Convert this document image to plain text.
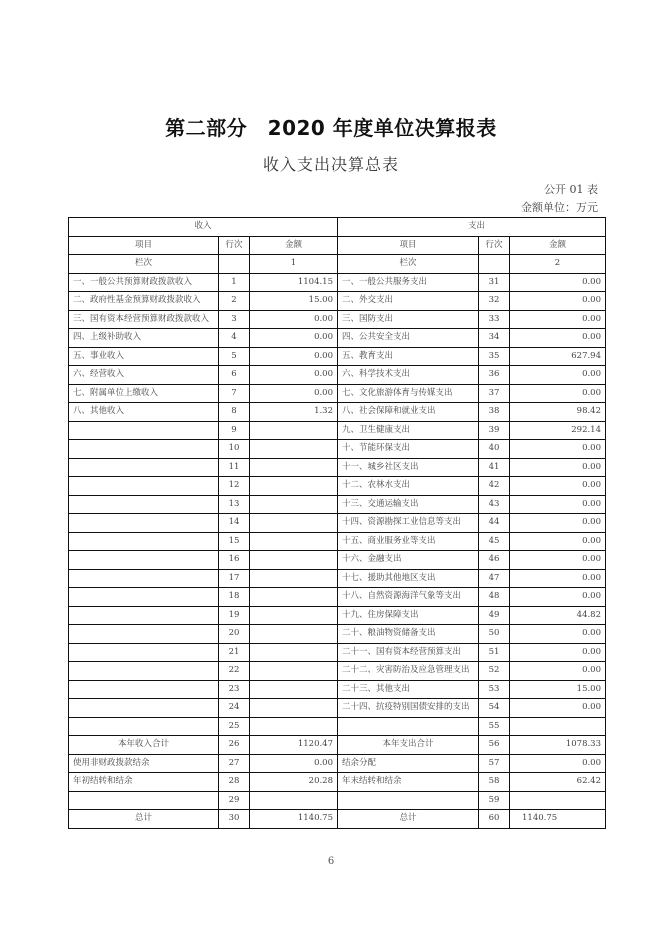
第二部分　2020 年度单位决算报表
收入支出决算总表
公开 01 表
金额单位：万元
收入			支出		
项目	行次	金额	项目	行次	金额
栏次		1	栏次		2
一、一般公共预算财政拨款收入	1	1104.15	一、一般公共服务支出	31	0.00
二、政府性基金预算财政拨款收入	2	15.00	二、外交支出	32	0.00
三、国有资本经营预算财政拨款收入	3	0.00	三、国防支出	33	0.00
四、上级补助收入	4	0.00	四、公共安全支出	34	0.00
五、事业收入	5	0.00	五、教育支出	35	627.94
六、经营收入	6	0.00	六、科学技术支出	36	0.00
七、附属单位上缴收入	7	0.00	七、文化旅游体育与传媒支出	37	0.00
八、其他收入	8	1.32	八、社会保障和就业支出	38	98.42
	9		九、卫生健康支出	39	292.14
	10		十、节能环保支出	40	0.00
	11		十一、城乡社区支出	41	0.00
	12		十二、农林水支出	42	0.00
	13		十三、交通运输支出	43	0.00
	14		十四、资源勘探工业信息等支出	44	0.00
	15		十五、商业服务业等支出	45	0.00
	16		十六、金融支出	46	0.00
	17		十七、援助其他地区支出	47	0.00
	18		十八、自然资源海洋气象等支出	48	0.00
	19		十九、住房保障支出	49	44.82
	20		二十、粮油物资储备支出	50	0.00
	21		二十一、国有资本经营预算支出	51	0.00
	22		二十二、灾害防治及应急管理支出	52	0.00
	23		二十三、其他支出	53	15.00
	24		二十四、抗疫特别国债安排的支出	54	0.00
	25			55	
本年收入合计	26	1120.47	本年支出合计	56	1078.33
使用非财政拨款结余	27	0.00	结余分配	57	0.00
年初结转和结余	28	20.28	年末结转和结余	58	62.42
	29			59	
总计	30	1140.75	总计	60	1140.75
6
